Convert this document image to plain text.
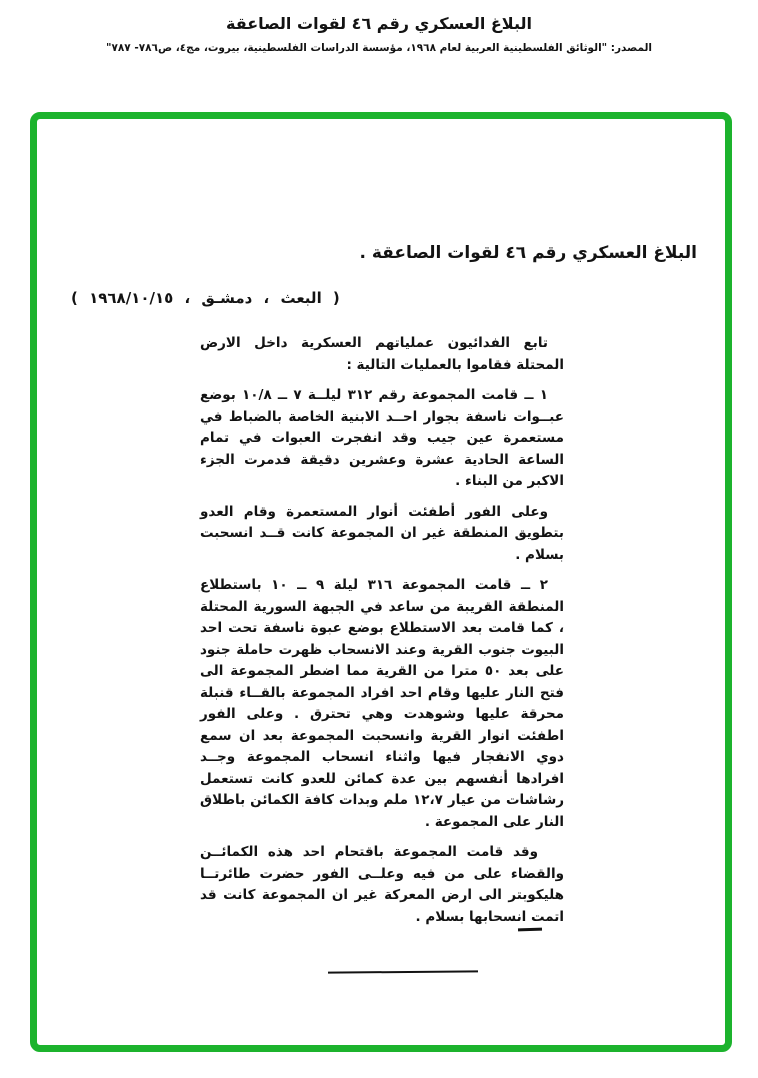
البلاغ العسكري رقم ٤٦ لقوات الصاعقة
المصدر: "الوثائق الفلسطينية العربية لعام ١٩٦٨، مؤسسة الدراسات الفلسطينية، بيروت، مج٤، ص٧٨٦- ٧٨٧"
البلاغ العسكري رقم ٤٦ لقوات الصاعقة .
( البعث ، دمشـق ، ١٩٦٨/١٠/١٥ )

تابع الفدائيون عملياتهم العسكرية داخل الارض المحتلة فقاموا بالعمليات التالية :

١ ــ قامت المجموعة رقم ٣١٢ ليلــة ٧ ــ ١٠/٨ بوضع عبــوات ناسفة بجوار احــد الابنية الخاصة بالضباط في مستعمرة عين جيب وقد انفجرت العبوات في تمام الساعة الحادية عشرة وعشرين دقيقة فدمرت الجزء الاكبر من البناء .

وعلى الفور أطفئت أنوار المستعمرة وقام العدو بتطويق المنطقة غير ان المجموعة كانت قــد انسحبت بسلام .

٢ ــ قامت المجموعة ٣١٦ ليلة ٩ ــ ١٠ باستطلاع المنطقة القريبة من ساعد في الجبهة السورية المحتلة ، كما قامت بعد الاستطلاع بوضع عبوة ناسفة تحت احد البيوت جنوب القرية وعند الانسحاب ظهرت حاملة جنود على بعد ٥٠ مترا من القرية مما اضطر المجموعة الى فتح النار عليها وقام احد افراد المجموعة بالقــاء قنبلة محرقة عليها وشوهدت وهي تحترق . وعلى الفور اطفئت انوار القرية وانسحبت المجموعة بعد ان سمع دوي الانفجار فيها واثناء انسحاب المجموعة وجــد افرادها أنفسهم بين عدة كمائن للعدو كانت تستعمل رشاشات من عيار ١٢،٧ ملم وبدات كافة الكمائن باطلاق النار على المجموعة .

وقد قامت المجموعة باقتحام احد هذه الكمائــن والقضاء على من فيه وعلــى الفور حضرت طائرتــا هليكوبتر الى ارض المعركة غير ان المجموعة كانت قد اتمت انسحابها بسلام .
